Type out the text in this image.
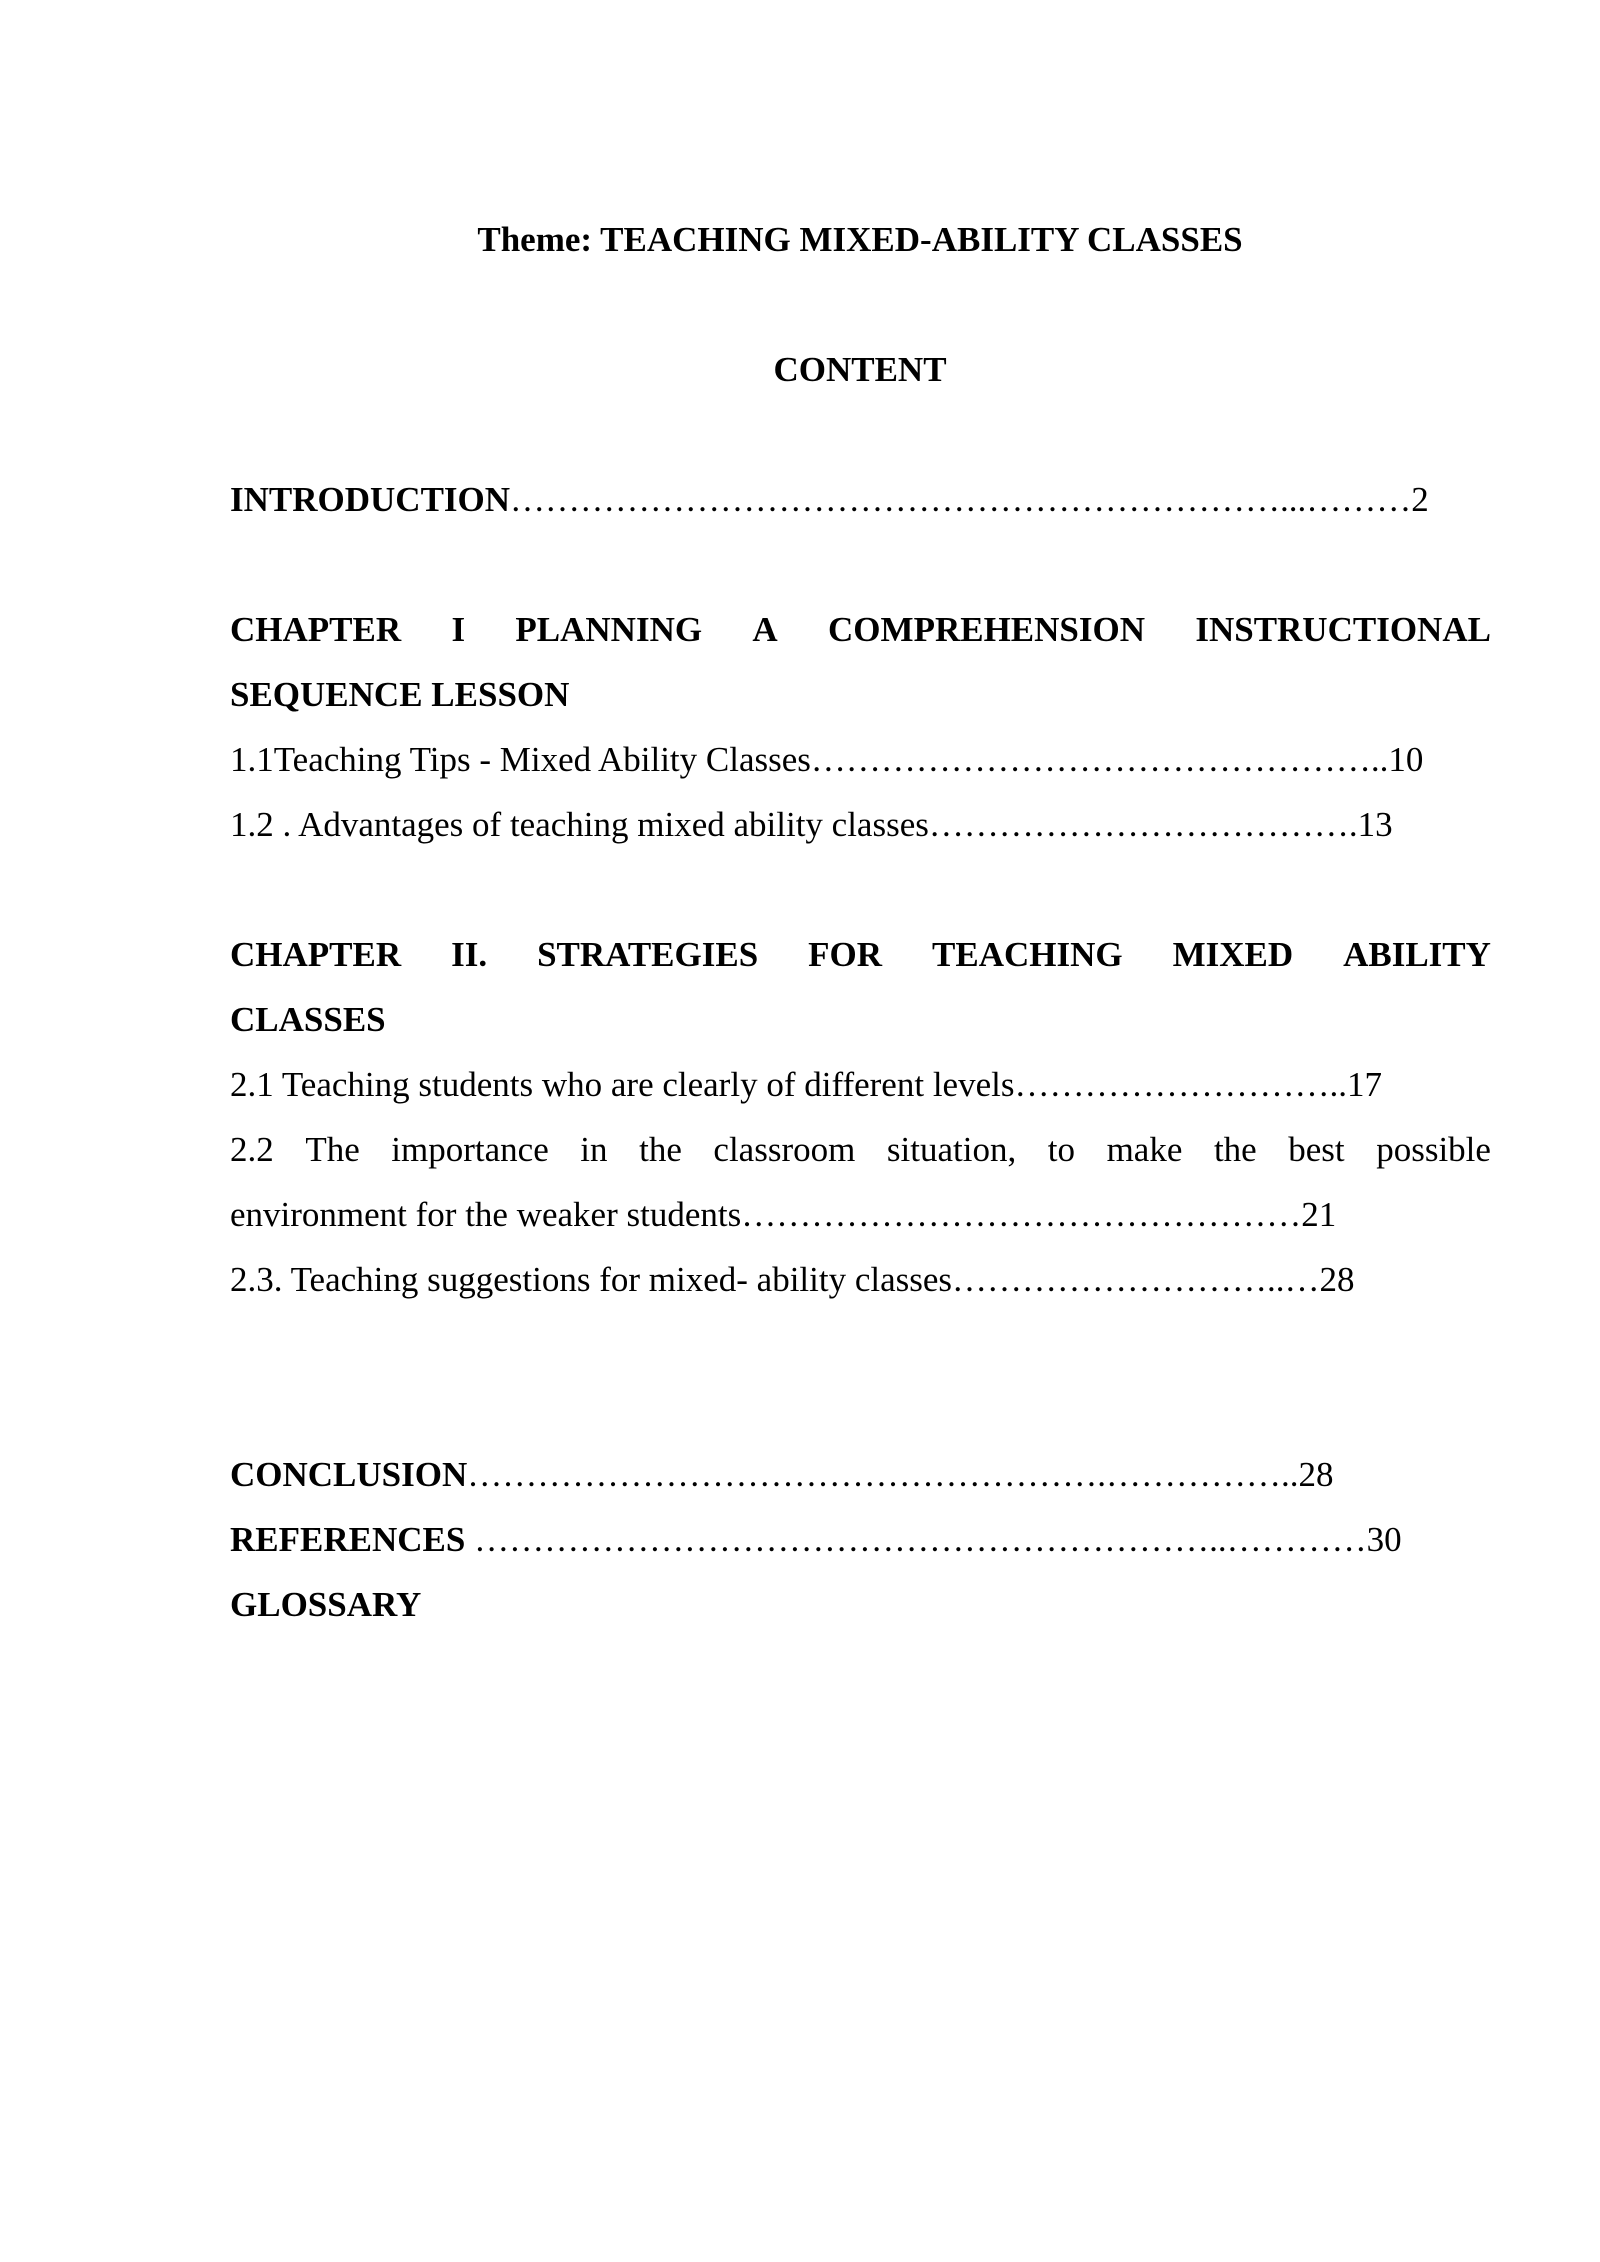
Theme: TEACHING MIXED-ABILITY CLASSES
CONTENT
INTRODUCTION…………………………………………………………...………2
CHAPTER I PLANNING A COMPREHENSION INSTRUCTIONAL
SEQUENCE LESSON
1.1Teaching Tips - Mixed Ability Classes…………………………………………..10
1.2 . Advantages of teaching mixed ability classes……………………………….13
CHAPTER II. STRATEGIES FOR TEACHING MIXED ABILITY
CLASSES
2.1 Teaching students who are clearly of different levels………………………..17
2.2 The importance in the classroom situation, to make the best possible
environment for the weaker students…………………………………………21
2.3. Teaching suggestions for mixed- ability classes………………………..…28
CONCLUSION……………………………………………….……………..28
REFERENCES ………………………………………………………..…………30
GLOSSARY
